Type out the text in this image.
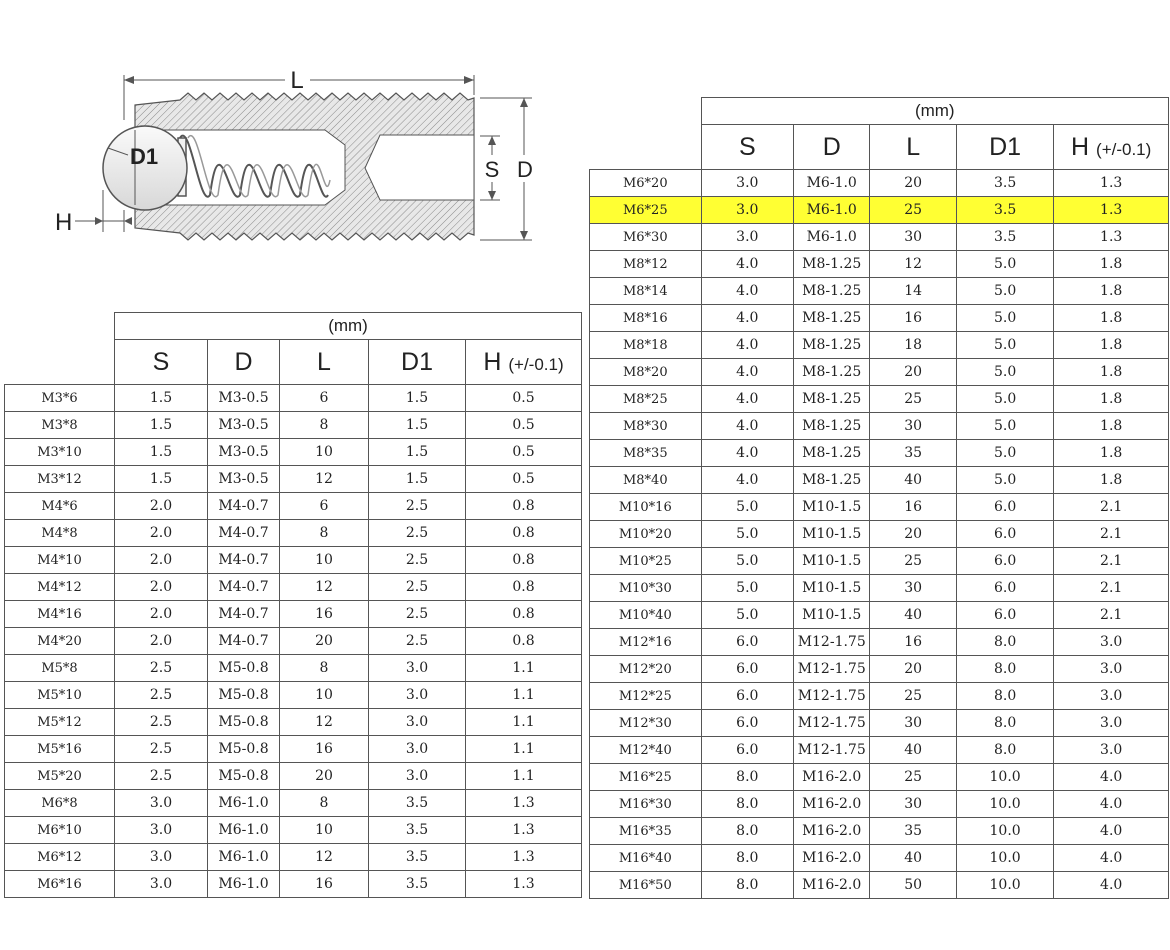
L
D1
H
S D
	(mm)				
	S	D	L	D1	H (+/-0.1)
M3*6	1.5	M3-0.5	6	1.5	0.5
M3*8	1.5	M3-0.5	8	1.5	0.5
M3*10	1.5	M3-0.5	10	1.5	0.5
M3*12	1.5	M3-0.5	12	1.5	0.5
M4*6	2.0	M4-0.7	6	2.5	0.8
M4*8	2.0	M4-0.7	8	2.5	0.8
M4*10	2.0	M4-0.7	10	2.5	0.8
M4*12	2.0	M4-0.7	12	2.5	0.8
M4*16	2.0	M4-0.7	16	2.5	0.8
M4*20	2.0	M4-0.7	20	2.5	0.8
M5*8	2.5	M5-0.8	8	3.0	1.1
M5*10	2.5	M5-0.8	10	3.0	1.1
M5*12	2.5	M5-0.8	12	3.0	1.1
M5*16	2.5	M5-0.8	16	3.0	1.1
M5*20	2.5	M5-0.8	20	3.0	1.1
M6*8	3.0	M6-1.0	8	3.5	1.3
M6*10	3.0	M6-1.0	10	3.5	1.3
M6*12	3.0	M6-1.0	12	3.5	1.3
M6*16	3.0	M6-1.0	16	3.5	1.3
	(mm)				
	S	D	L	D1	H (+/-0.1)
M6*20	3.0	M6-1.0	20	3.5	1.3
M6*25	3.0	M6-1.0	25	3.5	1.3
M6*30	3.0	M6-1.0	30	3.5	1.3
M8*12	4.0	M8-1.25	12	5.0	1.8
M8*14	4.0	M8-1.25	14	5.0	1.8
M8*16	4.0	M8-1.25	16	5.0	1.8
M8*18	4.0	M8-1.25	18	5.0	1.8
M8*20	4.0	M8-1.25	20	5.0	1.8
M8*25	4.0	M8-1.25	25	5.0	1.8
M8*30	4.0	M8-1.25	30	5.0	1.8
M8*35	4.0	M8-1.25	35	5.0	1.8
M8*40	4.0	M8-1.25	40	5.0	1.8
M10*16	5.0	M10-1.5	16	6.0	2.1
M10*20	5.0	M10-1.5	20	6.0	2.1
M10*25	5.0	M10-1.5	25	6.0	2.1
M10*30	5.0	M10-1.5	30	6.0	2.1
M10*40	5.0	M10-1.5	40	6.0	2.1
M12*16	6.0	M12-1.75	16	8.0	3.0
M12*20	6.0	M12-1.75	20	8.0	3.0
M12*25	6.0	M12-1.75	25	8.0	3.0
M12*30	6.0	M12-1.75	30	8.0	3.0
M12*40	6.0	M12-1.75	40	8.0	3.0
M16*25	8.0	M16-2.0	25	10.0	4.0
M16*30	8.0	M16-2.0	30	10.0	4.0
M16*35	8.0	M16-2.0	35	10.0	4.0
M16*40	8.0	M16-2.0	40	10.0	4.0
M16*50	8.0	M16-2.0	50	10.0	4.0
